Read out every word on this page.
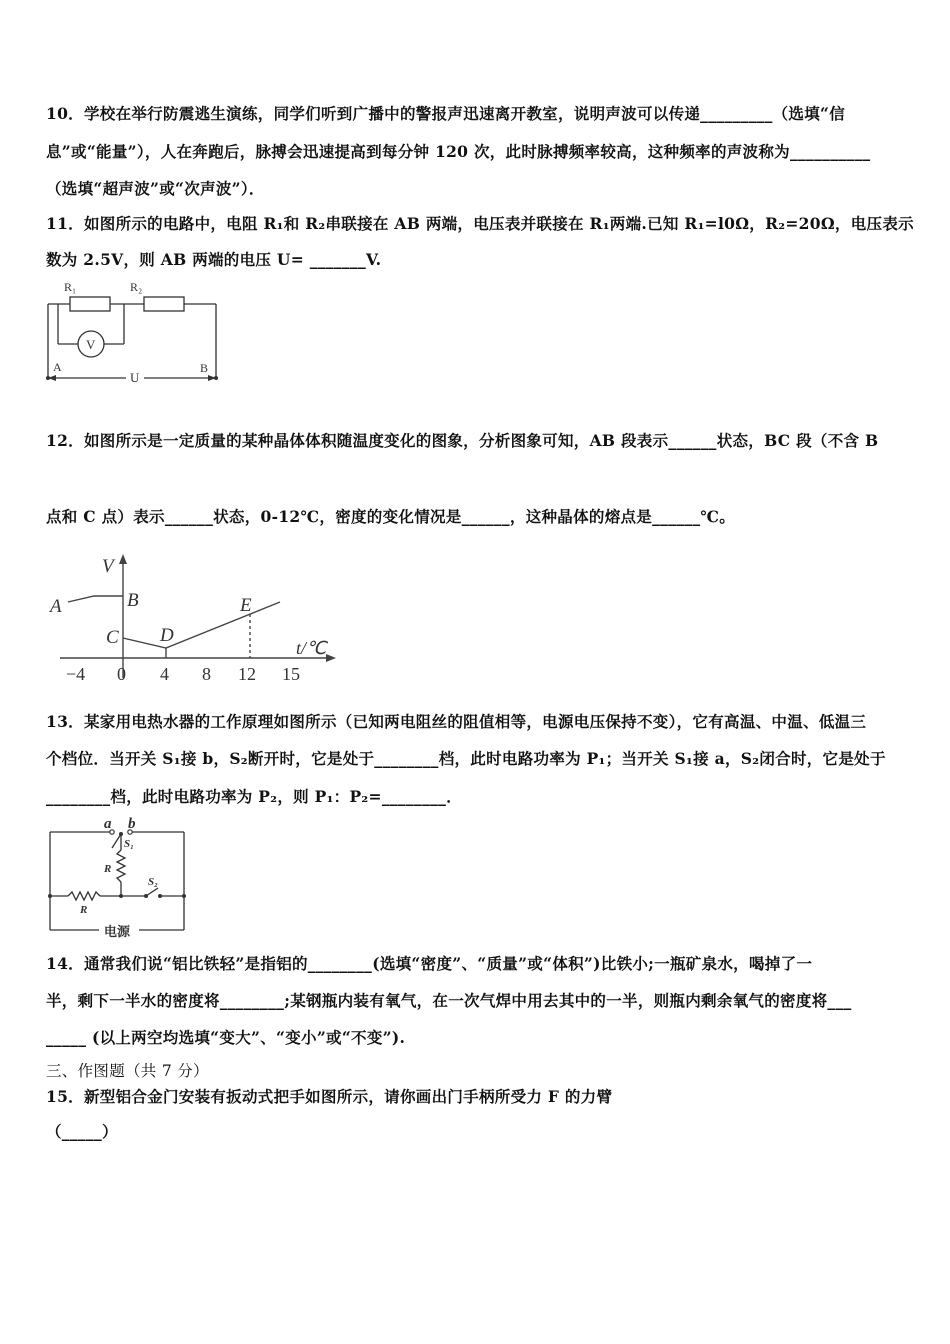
10．学校在举行防震逃生演练，同学们听到广播中的警报声迅速离开教室，说明声波可以传递_________（选填“信
息”或“能量”），人在奔跑后，脉搏会迅速提高到每分钟 120 次，此时脉搏频率较高，这种频率的声波称为__________
（选填“超声波”或“次声波”）．
11．如图所示的电路中，电阻 R₁和 R₂串联接在 AB 两端，电压表并联接在 R₁两端.已知 R₁=l0Ω，R₂=20Ω，电压表示
数为 2.5V，则 AB 两端的电压 U= _______V.
R₁	R₂
V
A	B
U
12．如图所示是一定质量的某种晶体体积随温度变化的图象，分析图象可知，AB 段表示______状态，BC 段（不含 B
点和 C 点）表示______状态，0-12℃，密度的变化情况是______，这种晶体的熔点是______℃。
V
t/℃
A	B
C D
E
−4 0 4 8 12 15
13．某家用电热水器的工作原理如图所示（已知两电阻丝的阻值相等，电源电压保持不变），它有高温、中温、低温三
个档位．当开关 S₁接 b，S₂断开时，它是处于________档，此时电路功率为 P₁；当开关 S₁接 a，S₂闭合时，它是处于
________档，此时电路功率为 P₂，则 P₁：P₂=________．
a b
S₁
R
S₂
R
电源
14．通常我们说“铝比铁轻”是指铝的________(选填“密度”、“质量”或“体积”)比铁小;一瓶矿泉水，喝掉了一
半，剩下一半水的密度将________;某钢瓶内装有氧气，在一次气焊中用去其中的一半，则瓶内剩余氧气的密度将___
_____ (以上两空均选填“变大”、“变小”或“不变”).
三、作图题（共 7 分）
15．新型铝合金门安装有扳动式把手如图所示，请你画出门手柄所受力 F 的力臂
（_____）
